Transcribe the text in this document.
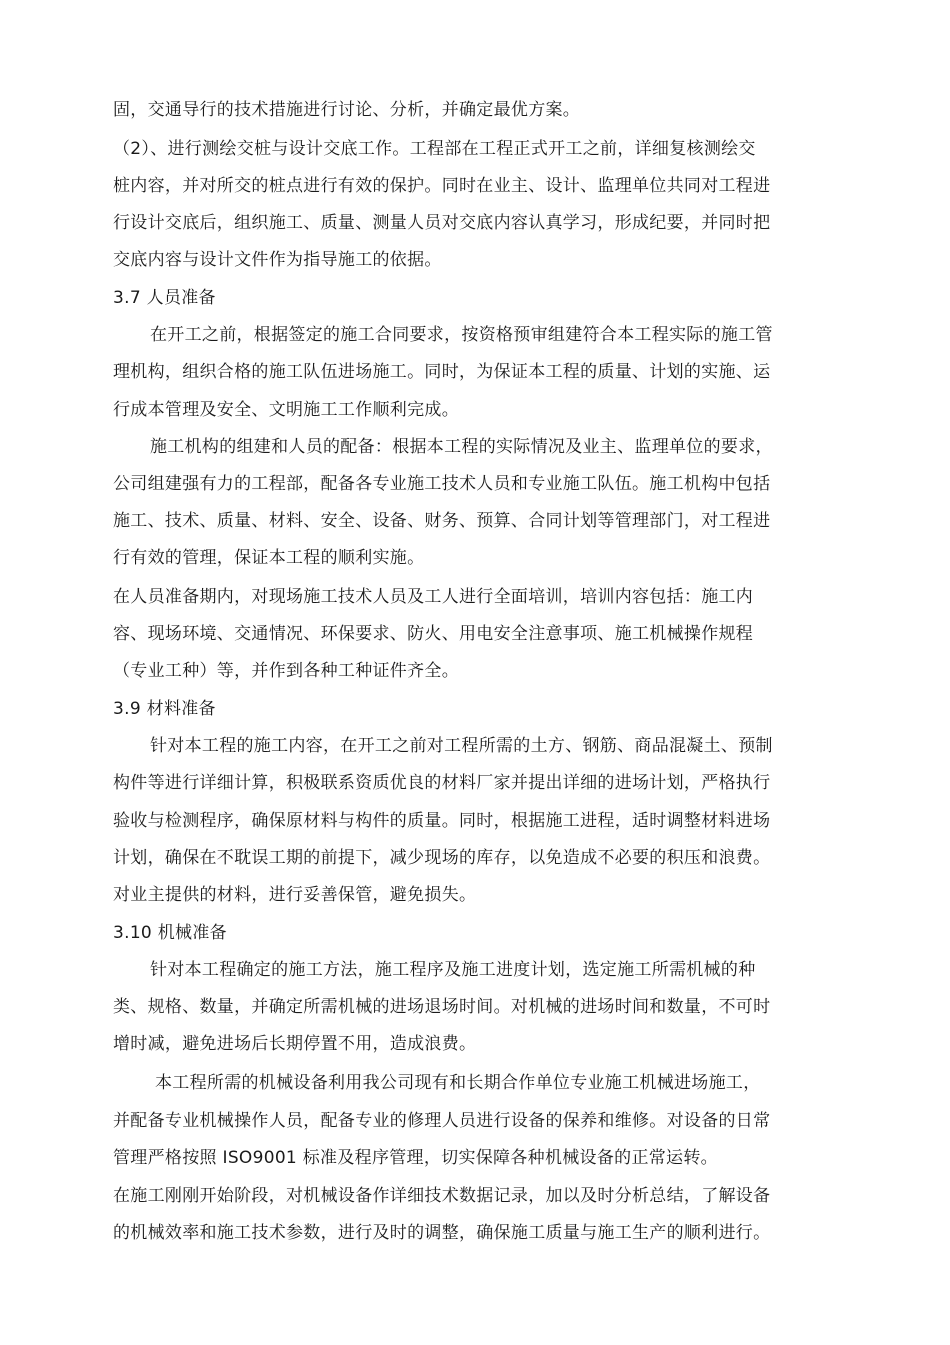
固，交通导行的技术措施进行讨论、分析，并确定最优方案。
（2）、进行测绘交桩与设计交底工作。工程部在工程正式开工之前，详细复核测绘交
桩内容，并对所交的桩点进行有效的保护。同时在业主、设计、监理单位共同对工程进
行设计交底后，组织施工、质量、测量人员对交底内容认真学习，形成纪要，并同时把
交底内容与设计文件作为指导施工的依据。
3.7 人员准备
在开工之前，根据签定的施工合同要求，按资格预审组建符合本工程实际的施工管
理机构，组织合格的施工队伍进场施工。同时，为保证本工程的质量、计划的实施、运
行成本管理及安全、文明施工工作顺利完成。
施工机构的组建和人员的配备：根据本工程的实际情况及业主、监理单位的要求，
公司组建强有力的工程部，配备各专业施工技术人员和专业施工队伍。施工机构中包括
施工、技术、质量、材料、安全、设备、财务、预算、合同计划等管理部门，对工程进
行有效的管理，保证本工程的顺利实施。
在人员准备期内，对现场施工技术人员及工人进行全面培训，培训内容包括：施工内
容、现场环境、交通情况、环保要求、防火、用电安全注意事项、施工机械操作规程
（专业工种）等，并作到各种工种证件齐全。
3.9 材料准备
针对本工程的施工内容，在开工之前对工程所需的土方、钢筋、商品混凝土、预制
构件等进行详细计算，积极联系资质优良的材料厂家并提出详细的进场计划，严格执行
验收与检测程序，确保原材料与构件的质量。同时，根据施工进程，适时调整材料进场
计划，确保在不耽误工期的前提下，减少现场的库存，以免造成不必要的积压和浪费。
对业主提供的材料，进行妥善保管，避免损失。
3.10 机械准备
针对本工程确定的施工方法，施工程序及施工进度计划，选定施工所需机械的种
类、规格、数量，并确定所需机械的进场退场时间。对机械的进场时间和数量，不可时
增时减，避免进场后长期停置不用，造成浪费。
本工程所需的机械设备利用我公司现有和长期合作单位专业施工机械进场施工，
并配备专业机械操作人员，配备专业的修理人员进行设备的保养和维修。对设备的日常
管理严格按照 ISO9001 标准及程序管理，切实保障各种机械设备的正常运转。
在施工刚刚开始阶段，对机械设备作详细技术数据记录，加以及时分析总结，了解设备
的机械效率和施工技术参数，进行及时的调整，确保施工质量与施工生产的顺利进行。
